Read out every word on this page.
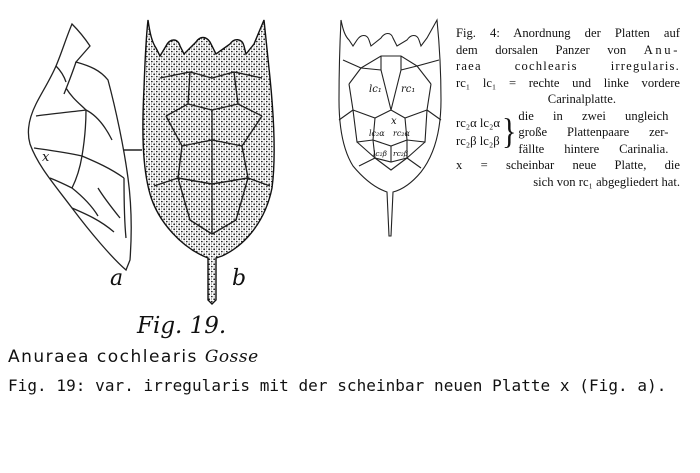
x
a	b
Fig. 19.
lc₁ rc₁
x
lc₂α rc₂α
lc₂β rc₂β
Fig. 4: Anordnung der Platten auf
dem dorsalen Panzer von Anu-
raea cochlearis irregularis.
rc₁ lc₁ = rechte und linke vordere
Carinalplatte.
rc₂α lc₂α
rc₂β lc₂β } die in zwei ungleich
große Plattenpaare zer-
fällte hintere Carinalia.
x = scheinbar neue Platte, die
sich von rc₁ abgegliedert hat.
Anuraea cochlearis Gosse
Fig. 19: var. irregularis mit der scheinbar neuen Platte x (Fig. a).
